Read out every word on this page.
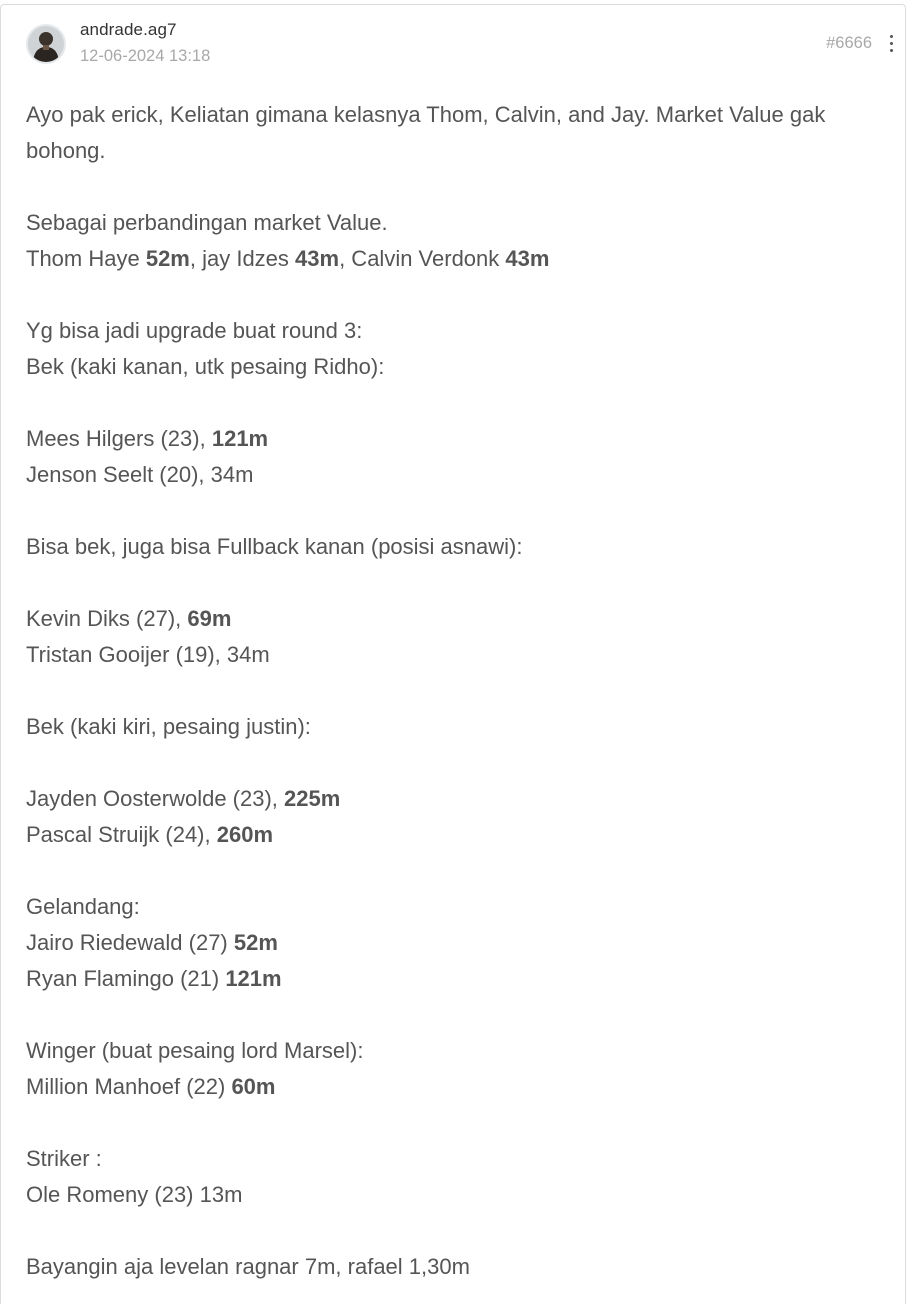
andrade.ag7
12-06-2024 13:18
#6666

Ayo pak erick, Keliatan gimana kelasnya Thom, Calvin, and Jay. Market Value gak bohong.

Sebagai perbandingan market Value.

Thom Haye 52m, jay Idzes 43m, Calvin Verdonk 43m

Yg bisa jadi upgrade buat round 3:

Bek (kaki kanan, utk pesaing Ridho):

Mees Hilgers (23), 121m

Jenson Seelt (20), 34m

Bisa bek, juga bisa Fullback kanan (posisi asnawi):

Kevin Diks (27), 69m

Tristan Gooijer (19), 34m

Bek (kaki kiri, pesaing justin):

Jayden Oosterwolde (23), 225m

Pascal Struijk (24), 260m

Gelandang:

Jairo Riedewald (27) 52m

Ryan Flamingo (21) 121m

Winger (buat pesaing lord Marsel):

Million Manhoef (22) 60m

Striker :

Ole Romeny (23) 13m

Bayangin aja levelan ragnar 7m, rafael 1,30m
